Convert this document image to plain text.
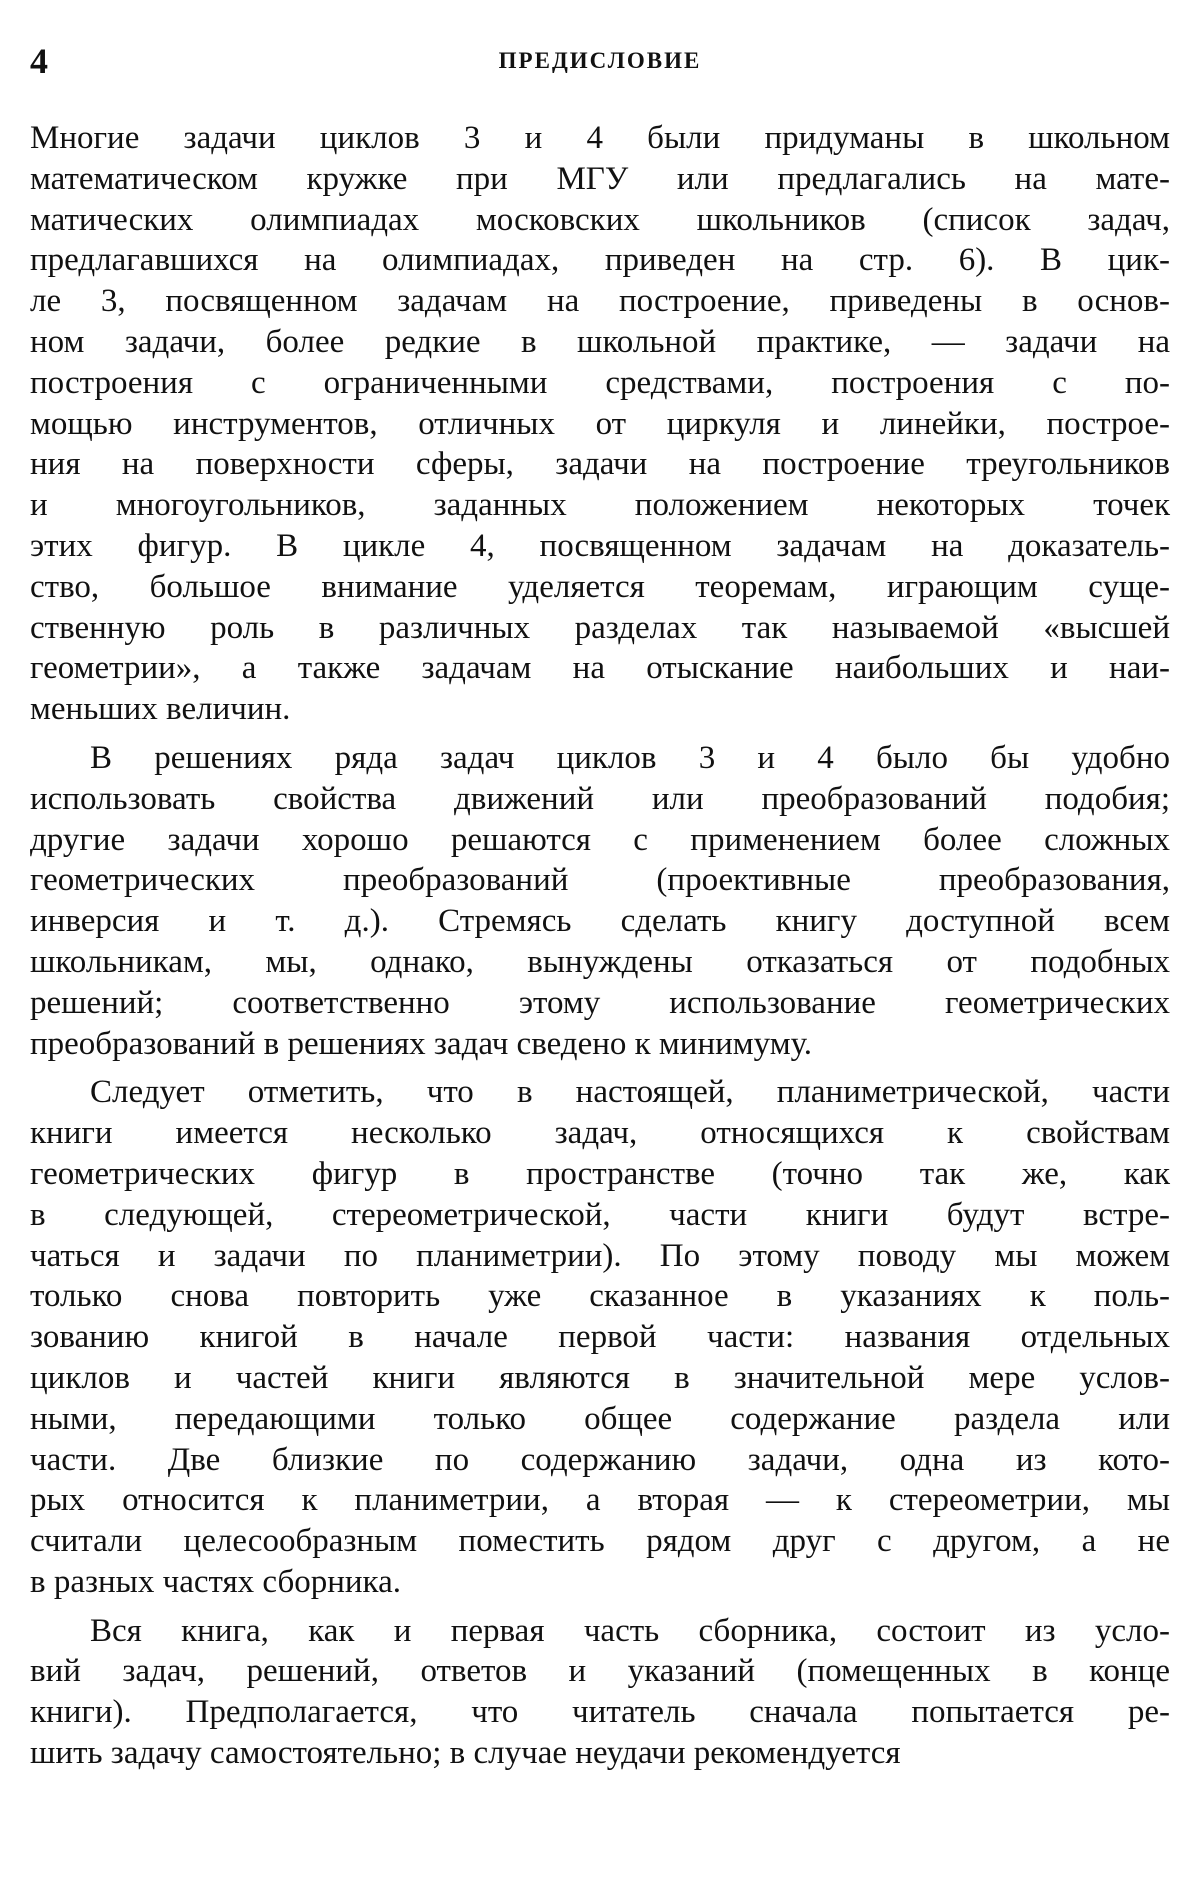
4	ПРЕДИСЛОВИЕ
Многие задачи циклов 3 и 4 были придуманы в школьном
математическом кружке при МГУ или предлагались на мате-
матических олимпиадах московских школьников (список задач,
предлагавшихся на олимпиадах, приведен на стр. 6). В цик-
ле 3, посвященном задачам на построение, приведены в основ-
ном задачи, более редкие в школьной практике, — задачи на
построения с ограниченными средствами, построения с по-
мощью инструментов, отличных от циркуля и линейки, построе-
ния на поверхности сферы, задачи на построение треугольников
и многоугольников, заданных положением некоторых точек
этих фигур. В цикле 4, посвященном задачам на доказатель-
ство, большое внимание уделяется теоремам, играющим суще-
ственную роль в различных разделах так называемой «высшей
геометрии», а также задачам на отыскание наибольших и наи-
меньших величин.
В решениях ряда задач циклов 3 и 4 было бы удобно
использовать свойства движений или преобразований подобия;
другие задачи хорошо решаются с применением более сложных
геометрических преобразований (проективные преобразования,
инверсия и т. д.). Стремясь сделать книгу доступной всем
школьникам, мы, однако, вынуждены отказаться от подобных
решений; соответственно этому использование геометрических
преобразований в решениях задач сведено к минимуму.
Следует отметить, что в настоящей, планиметрической, части
книги имеется несколько задач, относящихся к свойствам
геометрических фигур в пространстве (точно так же, как
в следующей, стереометрической, части книги будут встре-
чаться и задачи по планиметрии). По этому поводу мы можем
только снова повторить уже сказанное в указаниях к поль-
зованию книгой в начале первой части: названия отдельных
циклов и частей книги являются в значительной мере услов-
ными, передающими только общее содержание раздела или
части. Две близкие по содержанию задачи, одна из кото-
рых относится к планиметрии, а вторая — к стереометрии, мы
считали целесообразным поместить рядом друг с другом, а не
в разных частях сборника.
Вся книга, как и первая часть сборника, состоит из усло-
вий задач, решений, ответов и указаний (помещенных в конце
книги). Предполагается, что читатель сначала попытается ре-
шить задачу самостоятельно; в случае неудачи рекомендуется
